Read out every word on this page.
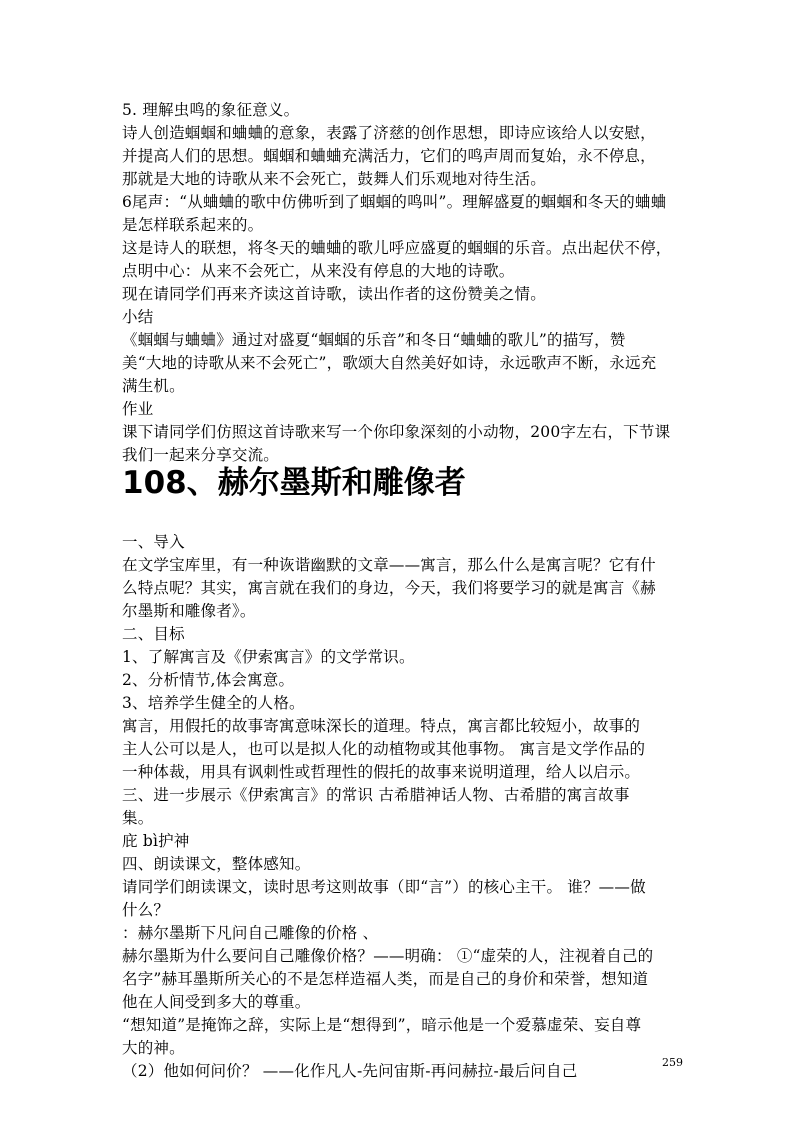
5. 理解虫鸣的象征意义。
诗人创造蝈蝈和蛐蛐的意象，表露了济慈的创作思想，即诗应该给人以安慰，
并提高人们的思想。蝈蝈和蛐蛐充满活力，它们的鸣声周而复始，永不停息，
那就是大地的诗歌从来不会死亡，鼓舞人们乐观地对待生活。
6尾声：“从蛐蛐的歌中仿佛听到了蝈蝈的鸣叫”。理解盛夏的蝈蝈和冬天的蛐蛐
是怎样联系起来的。
这是诗人的联想，将冬天的蛐蛐的歌儿呼应盛夏的蝈蝈的乐音。点出起伏不停，
点明中心：从来不会死亡，从来没有停息的大地的诗歌。
现在请同学们再来齐读这首诗歌，读出作者的这份赞美之情。
小结
《蝈蝈与蛐蛐》通过对盛夏“蝈蝈的乐音”和冬日“蛐蛐的歌儿”的描写，赞
美“大地的诗歌从来不会死亡”，歌颂大自然美好如诗，永远歌声不断，永远充
满生机。
作业
课下请同学们仿照这首诗歌来写一个你印象深刻的小动物，200字左右，下节课
我们一起来分享交流。
108、赫尔墨斯和雕像者
一、导入
在文学宝库里，有一种诙谐幽默的文章——寓言，那么什么是寓言呢？它有什
么特点呢？其实，寓言就在我们的身边，今天，我们将要学习的就是寓言《赫
尔墨斯和雕像者》。
二、目标
1、了解寓言及《伊索寓言》的文学常识。
2、分析情节,体会寓意。
3、培养学生健全的人格。
寓言，用假托的故事寄寓意味深长的道理。特点，寓言都比较短小，故事的
主人公可以是人，也可以是拟人化的动植物或其他事物。 寓言是文学作品的
一种体裁，用具有讽刺性或哲理性的假托的故事来说明道理，给人以启示。
三、进一步展示《伊索寓言》的常识 古希腊神话人物、古希腊的寓言故事
集。
庇 bì护神
四、朗读课文，整体感知。
请同学们朗读课文，读时思考这则故事（即“言”）的核心主干。 谁？——做
什么？
：赫尔墨斯下凡问自己雕像的价格 、
赫尔墨斯为什么要问自己雕像价格？——明确： ①“虚荣的人，注视着自己的
名字”赫耳墨斯所关心的不是怎样造福人类，而是自己的身价和荣誉，想知道
他在人间受到多大的尊重。
“想知道”是掩饰之辞，实际上是“想得到”，暗示他是一个爱慕虚荣、妄自尊
大的神。
（2）他如何问价？ ——化作凡人-先问宙斯-再问赫拉-最后问自己	259
